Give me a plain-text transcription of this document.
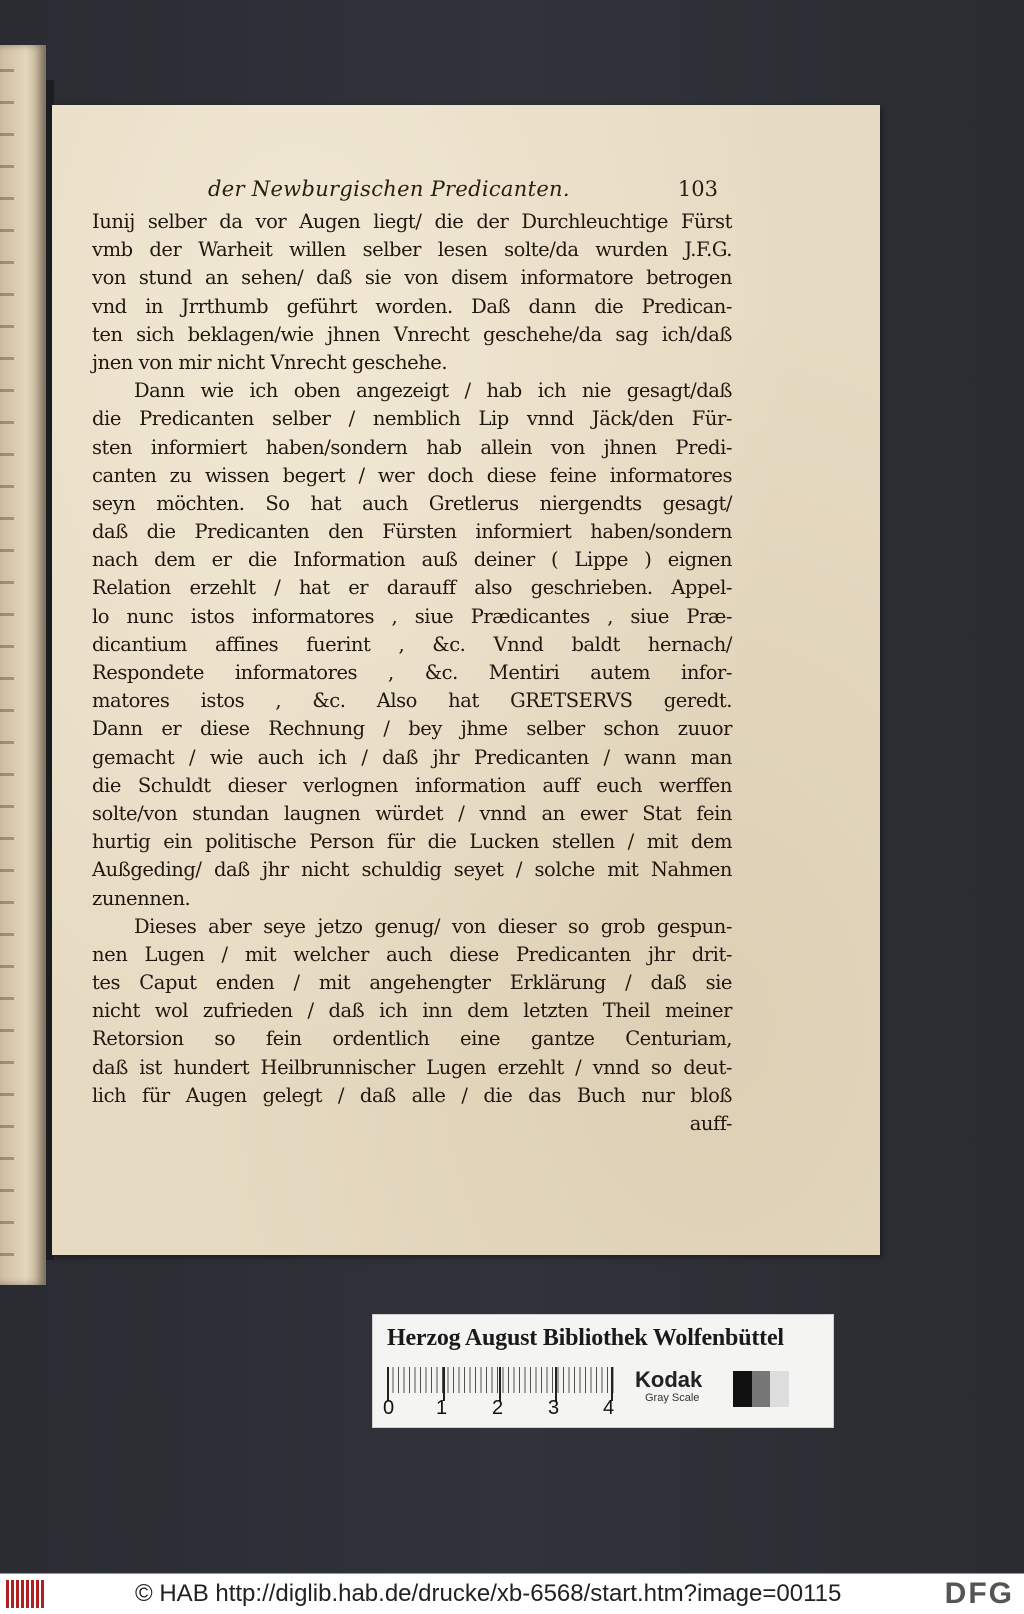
der Newburgischen Predicanten.	103
Iunij selber da vor Augen liegt/ die der Durchleuchtige Fürst
vmb der Warheit willen selber lesen solte/da wurden J.F.G.
von stund an sehen/ daß sie von disem informatore betrogen
vnd in Jrrthumb geführt worden. Daß dann die Predican-
ten sich beklagen/wie jhnen Vnrecht geschehe/da sag ich/daß
jnen von mir nicht Vnrecht geschehe.
Dann wie ich oben angezeigt / hab ich nie gesagt/daß
die Predicanten selber / nemblich Lip vnnd Jäck/den Für-
sten informiert haben/sondern hab allein von jhnen Predi-
canten zu wissen begert / wer doch diese feine informatores
seyn möchten. So hat auch Gretlerus niergendts gesagt/
daß die Predicanten den Fürsten informiert haben/sondern
nach dem er die Information auß deiner ( Lippe ) eignen
Relation erzehlt / hat er darauff also geschrieben. Appel-
lo nunc istos informatores , siue Prædicantes , siue Præ-
dicantium affines fuerint , &c. Vnnd baldt hernach/
Respondete informatores , &c. Mentiri autem infor-
matores istos , &c. Also hat GRETSERVS geredt.
Dann er diese Rechnung / bey jhme selber schon zuuor
gemacht / wie auch ich / daß jhr Predicanten / wann man
die Schuldt dieser verlognen information auff euch werffen
solte/von stundan laugnen würdet / vnnd an ewer Stat fein
hurtig ein politische Person für die Lucken stellen / mit dem
Außgeding/ daß jhr nicht schuldig seyet / solche mit Nahmen
zunennen.
Dieses aber seye jetzo genug/ von dieser so grob gespun-
nen Lugen / mit welcher auch diese Predicanten jhr drit-
tes Caput enden / mit angehengter Erklärung / daß sie
nicht wol zufrieden / daß ich inn dem letzten Theil meiner
Retorsion so fein ordentlich eine gantze Centuriam,
daß ist hundert Heilbrunnischer Lugen erzehlt / vnnd so deut-
lich für Augen gelegt / daß alle / die das Buch nur bloß
auff-
Herzog August Bibliothek Wolfenbüttel
0 1 2 3 4
Kodak
Gray Scale
© HAB http://diglib.hab.de/drucke/xb-6568/start.htm?image=00115	DFG
